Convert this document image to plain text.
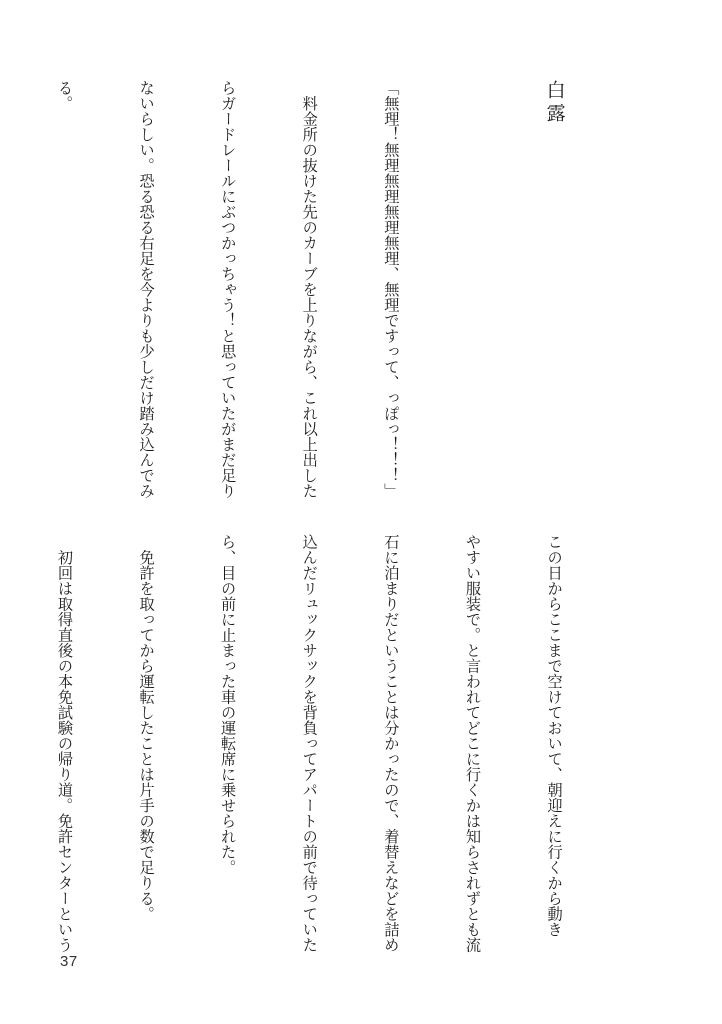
白露

「無理！無理無理無理無理、無理ですって、っぽっ！！！」

　料金所の抜けた先のカーブを上りながら、これ以上出した

らガードレールにぶつかっちゃう！と思っていたがまだ足り

ないらしい。恐る恐る右足を今よりも少しだけ踏み込んでみ

る。

この日からここまで空けておいて、朝迎えに行くから動き

やすい服装で。と言われてどこに行くかは知らされずとも流

石に泊まりだということは分かったので、着替えなどを詰め

込んだリュックサックを背負ってアパートの前で待っていた

ら、目の前に止まった車の運転席に乗せられた。

　免許を取ってから運転したことは片手の数で足りる。

　初回は取得直後の本免試験の帰り道。免許センターという

37
